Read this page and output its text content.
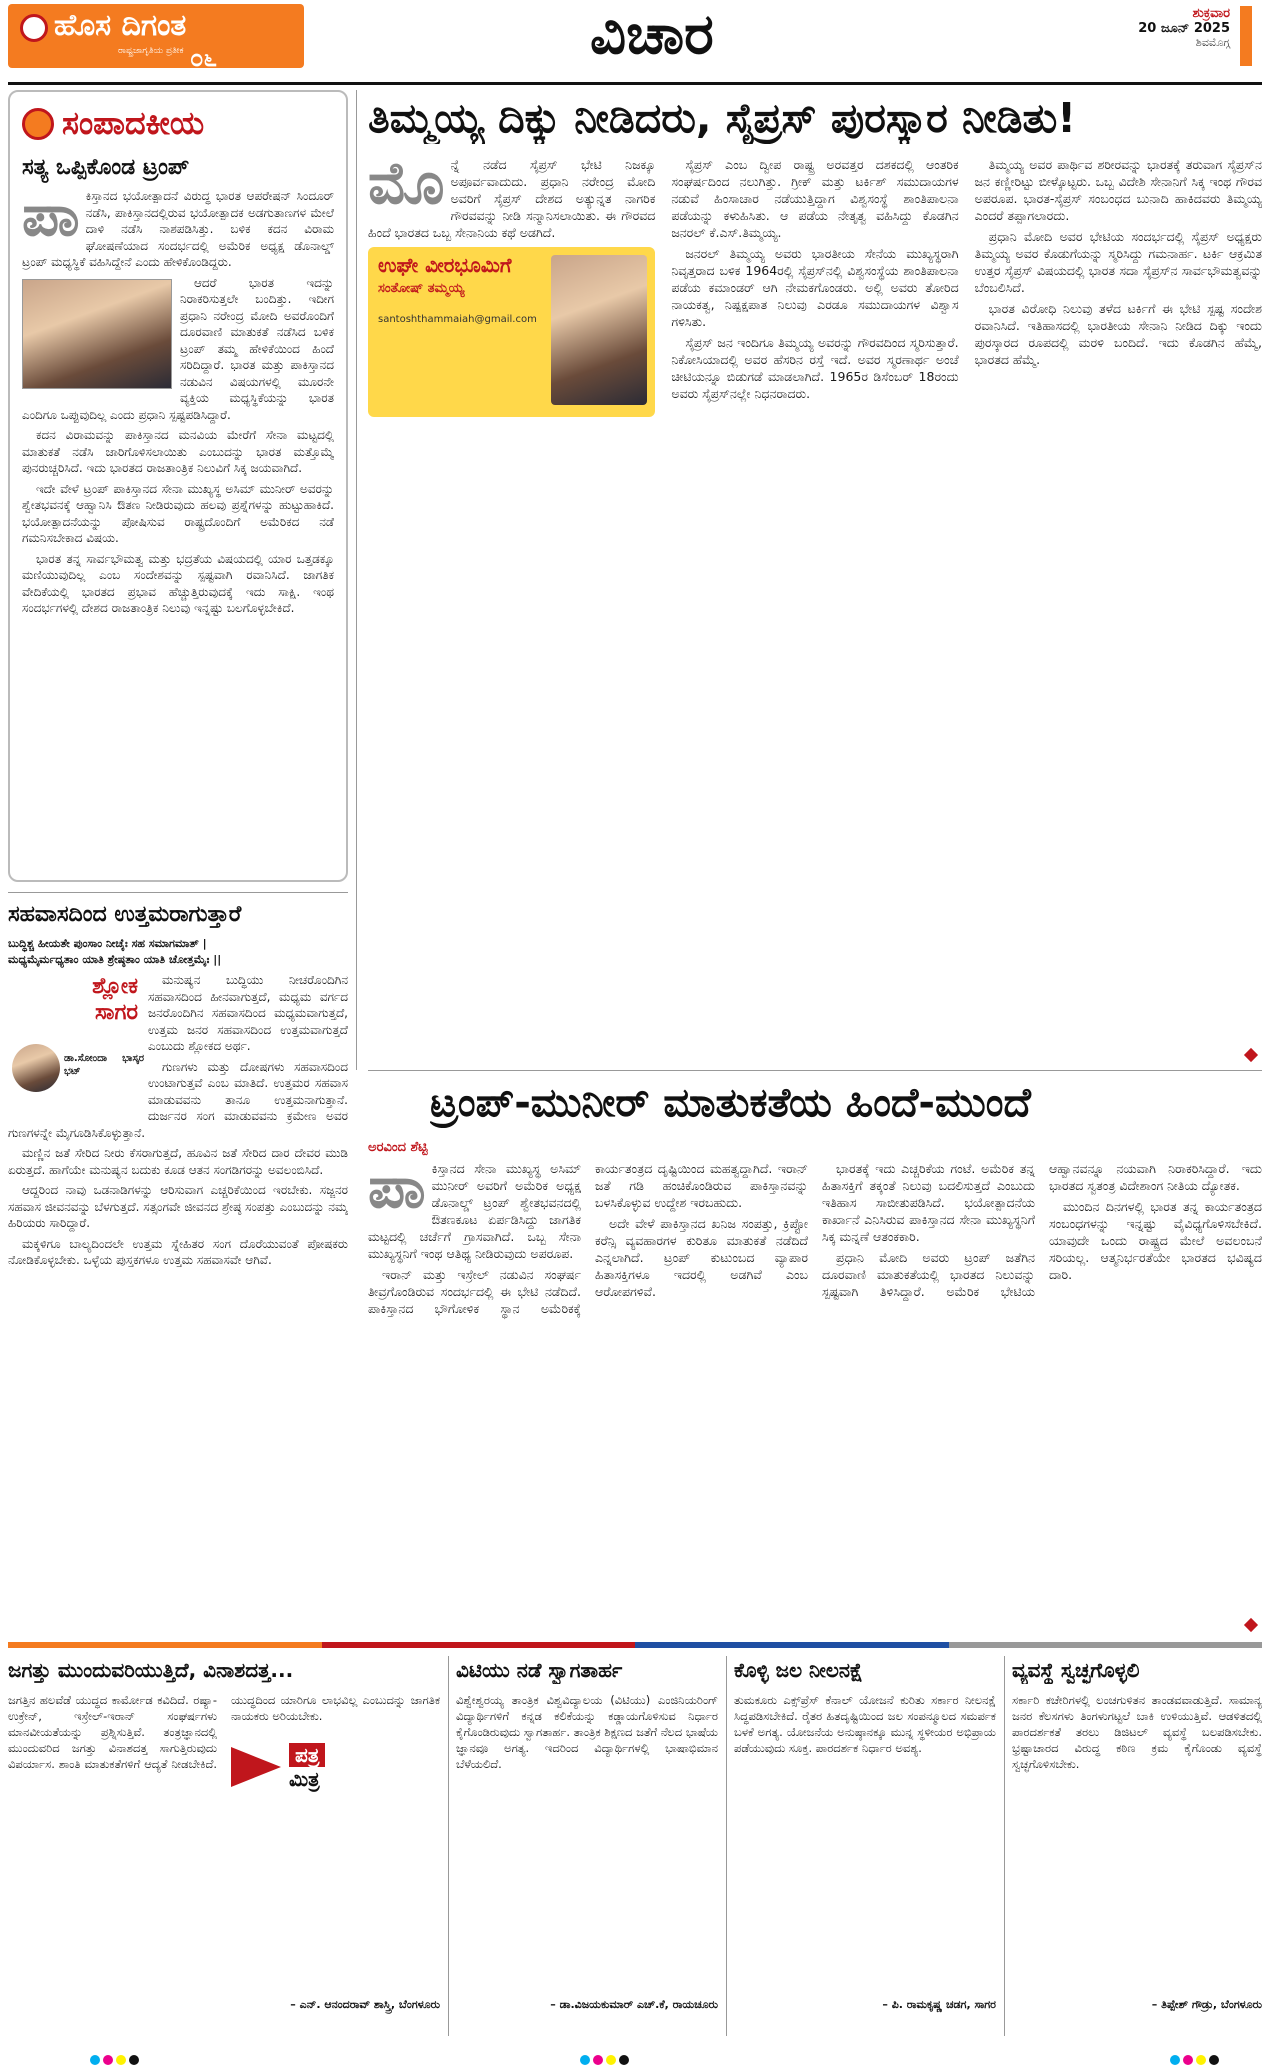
ಹೊಸ ದಿಗಂತ
ರಾಷ್ಟ್ರಜಾಗೃತಿಯ ಪ್ರತೀಕ ೦೬	ವಿಚಾರ	ಶುಕ್ರವಾರ
20 ಜೂನ್ 2025
ಶಿವಮೊಗ್ಗ
ಸಂಪಾದಕೀಯ
ಸತ್ಯ ಒಪ್ಪಿಕೊಂಡ ಟ್ರಂಪ್
ಪಾ ಕಿಸ್ತಾನದ ಭಯೋತ್ಪಾದನೆ ವಿರುದ್ಧ ಭಾರತ ಆಪರೇಷನ್ ಸಿಂದೂರ್ ನಡೆಸಿ, ಪಾಕಿಸ್ತಾನದಲ್ಲಿರುವ ಭಯೋತ್ಪಾದಕ ಅಡಗುತಾಣಗಳ ಮೇಲೆ ದಾಳಿ ನಡೆಸಿ ನಾಶಪಡಿಸಿತ್ತು. ಬಳಿಕ ಕದನ ವಿರಾಮ ಘೋಷಣೆಯಾದ ಸಂದರ್ಭದಲ್ಲಿ ಅಮೆರಿಕ ಅಧ್ಯಕ್ಷ ಡೊನಾಲ್ಡ್ ಟ್ರಂಪ್ ಮಧ್ಯಸ್ಥಿಕೆ ವಹಿಸಿದ್ದೇನೆ ಎಂದು ಹೇಳಿಕೊಂಡಿದ್ದರು.

ಆದರೆ ಭಾರತ ಇದನ್ನು ನಿರಾಕರಿಸುತ್ತಲೇ ಬಂದಿತ್ತು. ಇದೀಗ ಪ್ರಧಾನಿ ನರೇಂದ್ರ ಮೋದಿ ಅವರೊಂದಿಗೆ ದೂರವಾಣಿ ಮಾತುಕತೆ ನಡೆಸಿದ ಬಳಿಕ ಟ್ರಂಪ್ ತಮ್ಮ ಹೇಳಿಕೆಯಿಂದ ಹಿಂದೆ ಸರಿದಿದ್ದಾರೆ. ಭಾರತ ಮತ್ತು ಪಾಕಿಸ್ತಾನದ ನಡುವಿನ ವಿಷಯಗಳಲ್ಲಿ ಮೂರನೇ ವ್ಯಕ್ತಿಯ ಮಧ್ಯಸ್ಥಿಕೆಯನ್ನು ಭಾರತ ಎಂದಿಗೂ ಒಪ್ಪುವುದಿಲ್ಲ ಎಂದು ಪ್ರಧಾನಿ ಸ್ಪಷ್ಟಪಡಿಸಿದ್ದಾರೆ.

ಕದನ ವಿರಾಮವನ್ನು ಪಾಕಿಸ್ತಾನದ ಮನವಿಯ ಮೇರೆಗೆ ಸೇನಾ ಮಟ್ಟದಲ್ಲಿ ಮಾತುಕತೆ ನಡೆಸಿ ಜಾರಿಗೊಳಿಸಲಾಯಿತು ಎಂಬುದನ್ನು ಭಾರತ ಮತ್ತೊಮ್ಮೆ ಪುನರುಚ್ಚರಿಸಿದೆ. ಇದು ಭಾರತದ ರಾಜತಾಂತ್ರಿಕ ನಿಲುವಿಗೆ ಸಿಕ್ಕ ಜಯವಾಗಿದೆ.

ಇದೇ ವೇಳೆ ಟ್ರಂಪ್ ಪಾಕಿಸ್ತಾನದ ಸೇನಾ ಮುಖ್ಯಸ್ಥ ಅಸಿಮ್ ಮುನೀರ್ ಅವರನ್ನು ಶ್ವೇತಭವನಕ್ಕೆ ಆಹ್ವಾನಿಸಿ ಔತಣ ನೀಡಿರುವುದು ಹಲವು ಪ್ರಶ್ನೆಗಳನ್ನು ಹುಟ್ಟುಹಾಕಿದೆ. ಭಯೋತ್ಪಾದನೆಯನ್ನು ಪೋಷಿಸುವ ರಾಷ್ಟ್ರದೊಂದಿಗೆ ಅಮೆರಿಕದ ನಡೆ ಗಮನಿಸಬೇಕಾದ ವಿಷಯ.

ಭಾರತ ತನ್ನ ಸಾರ್ವಭೌಮತ್ವ ಮತ್ತು ಭದ್ರತೆಯ ವಿಷಯದಲ್ಲಿ ಯಾರ ಒತ್ತಡಕ್ಕೂ ಮಣಿಯುವುದಿಲ್ಲ ಎಂಬ ಸಂದೇಶವನ್ನು ಸ್ಪಷ್ಟವಾಗಿ ರವಾನಿಸಿದೆ. ಜಾಗತಿಕ ವೇದಿಕೆಯಲ್ಲಿ ಭಾರತದ ಪ್ರಭಾವ ಹೆಚ್ಚುತ್ತಿರುವುದಕ್ಕೆ ಇದು ಸಾಕ್ಷಿ. ಇಂಥ ಸಂದರ್ಭಗಳಲ್ಲಿ ದೇಶದ ರಾಜತಾಂತ್ರಿಕ ನಿಲುವು ಇನ್ನಷ್ಟು ಬಲಗೊಳ್ಳಬೇಕಿದೆ.

ತಿಮ್ಮಯ್ಯ ದಿಕ್ಕು ನೀಡಿದರು, ಸೈಪ್ರಸ್ ಪುರಸ್ಕಾರ ನೀಡಿತು!
ಮೊ ನ್ನೆ ನಡೆದ ಸೈಪ್ರಸ್ ಭೇಟಿ ನಿಜಕ್ಕೂ ಅಪೂರ್ವವಾದುದು. ಪ್ರಧಾನಿ ನರೇಂದ್ರ ಮೋದಿ ಅವರಿಗೆ ಸೈಪ್ರಸ್ ದೇಶದ ಅತ್ಯುನ್ನತ ನಾಗರಿಕ ಗೌರವವನ್ನು ನೀಡಿ ಸನ್ಮಾನಿಸಲಾಯಿತು. ಈ ಗೌರವದ ಹಿಂದೆ ಭಾರತದ ಒಬ್ಬ ಸೇನಾನಿಯ ಕಥೆ ಅಡಗಿದೆ.

ಉಘೇ ವೀರಭೂಮಿಗೆ
ಸಂತೋಷ್ ತಮ್ಮಯ್ಯ
santoshthammaiah@gmail.com

ಸೈಪ್ರಸ್ ಎಂಬ ದ್ವೀಪ ರಾಷ್ಟ್ರ ಅರವತ್ತರ ದಶಕದಲ್ಲಿ ಆಂತರಿಕ ಸಂಘರ್ಷದಿಂದ ನಲುಗಿತ್ತು. ಗ್ರೀಕ್ ಮತ್ತು ಟರ್ಕಿಶ್ ಸಮುದಾಯಗಳ ನಡುವೆ ಹಿಂಸಾಚಾರ ನಡೆಯುತ್ತಿದ್ದಾಗ ವಿಶ್ವಸಂಸ್ಥೆ ಶಾಂತಿಪಾಲನಾ ಪಡೆಯನ್ನು ಕಳುಹಿಸಿತು. ಆ ಪಡೆಯ ನೇತೃತ್ವ ವಹಿಸಿದ್ದು ಕೊಡಗಿನ ಜನರಲ್ ಕೆ.ಎಸ್.ತಿಮ್ಮಯ್ಯ.

ಜನರಲ್ ತಿಮ್ಮಯ್ಯ ಅವರು ಭಾರತೀಯ ಸೇನೆಯ ಮುಖ್ಯಸ್ಥರಾಗಿ ನಿವೃತ್ತರಾದ ಬಳಿಕ 1964ರಲ್ಲಿ ಸೈಪ್ರಸ್‌ನಲ್ಲಿ ವಿಶ್ವಸಂಸ್ಥೆಯ ಶಾಂತಿಪಾಲನಾ ಪಡೆಯ ಕಮಾಂಡರ್ ಆಗಿ ನೇಮಕಗೊಂಡರು. ಅಲ್ಲಿ ಅವರು ತೋರಿದ ನಾಯಕತ್ವ, ನಿಷ್ಪಕ್ಷಪಾತ ನಿಲುವು ಎರಡೂ ಸಮುದಾಯಗಳ ವಿಶ್ವಾಸ ಗಳಿಸಿತು.

ಸೈಪ್ರಸ್ ಜನ ಇಂದಿಗೂ ತಿಮ್ಮಯ್ಯ ಅವರನ್ನು ಗೌರವದಿಂದ ಸ್ಮರಿಸುತ್ತಾರೆ. ನಿಕೋಸಿಯಾದಲ್ಲಿ ಅವರ ಹೆಸರಿನ ರಸ್ತೆ ಇದೆ. ಅವರ ಸ್ಮರಣಾರ್ಥ ಅಂಚೆ ಚೀಟಿಯನ್ನೂ ಬಿಡುಗಡೆ ಮಾಡಲಾಗಿದೆ. 1965ರ ಡಿಸೆಂಬರ್ 18ರಂದು ಅವರು ಸೈಪ್ರಸ್‌ನಲ್ಲೇ ನಿಧನರಾದರು.

ತಿಮ್ಮಯ್ಯ ಅವರ ಪಾರ್ಥಿವ ಶರೀರವನ್ನು ಭಾರತಕ್ಕೆ ತರುವಾಗ ಸೈಪ್ರಸ್‌ನ ಜನ ಕಣ್ಣೀರಿಟ್ಟು ಬೀಳ್ಕೊಟ್ಟರು. ಒಬ್ಬ ವಿದೇಶಿ ಸೇನಾನಿಗೆ ಸಿಕ್ಕ ಇಂಥ ಗೌರವ ಅಪರೂಪ. ಭಾರತ-ಸೈಪ್ರಸ್ ಸಂಬಂಧದ ಬುನಾದಿ ಹಾಕಿದವರು ತಿಮ್ಮಯ್ಯ ಎಂದರೆ ತಪ್ಪಾಗಲಾರದು.

ಪ್ರಧಾನಿ ಮೋದಿ ಅವರ ಭೇಟಿಯ ಸಂದರ್ಭದಲ್ಲಿ ಸೈಪ್ರಸ್ ಅಧ್ಯಕ್ಷರು ತಿಮ್ಮಯ್ಯ ಅವರ ಕೊಡುಗೆಯನ್ನು ಸ್ಮರಿಸಿದ್ದು ಗಮನಾರ್ಹ. ಟರ್ಕಿ ಆಕ್ರಮಿತ ಉತ್ತರ ಸೈಪ್ರಸ್ ವಿಷಯದಲ್ಲಿ ಭಾರತ ಸದಾ ಸೈಪ್ರಸ್‌ನ ಸಾರ್ವಭೌಮತ್ವವನ್ನು ಬೆಂಬಲಿಸಿದೆ.

ಭಾರತ ವಿರೋಧಿ ನಿಲುವು ತಳೆದ ಟರ್ಕಿಗೆ ಈ ಭೇಟಿ ಸ್ಪಷ್ಟ ಸಂದೇಶ ರವಾನಿಸಿದೆ. ಇತಿಹಾಸದಲ್ಲಿ ಭಾರತೀಯ ಸೇನಾನಿ ನೀಡಿದ ದಿಕ್ಕು ಇಂದು ಪುರಸ್ಕಾರದ ರೂಪದಲ್ಲಿ ಮರಳಿ ಬಂದಿದೆ. ಇದು ಕೊಡಗಿನ ಹೆಮ್ಮೆ, ಭಾರತದ ಹೆಮ್ಮೆ.

ಸಹವಾಸದಿಂದ ಉತ್ತಮರಾಗುತ್ತಾರೆ
ಬುದ್ಧಿಶ್ಚ ಹೀಯತೇ ಪುಂಸಾಂ ನೀಚೈಃ ಸಹ ಸಮಾಗಮಾತ್ |
ಮಧ್ಯಮೈರ್ಮಧ್ಯತಾಂ ಯಾತಿ ಶ್ರೇಷ್ಠತಾಂ ಯಾತಿ ಚೋತ್ತಮೈಃ ||
ಶ್ಲೋಕ ಸಾಗರ
ಡಾ.ಸೋಂದಾ ಭಾಸ್ಕರ ಭಟ್

ಮನುಷ್ಯನ ಬುದ್ಧಿಯು ನೀಚರೊಂದಿಗಿನ ಸಹವಾಸದಿಂದ ಹೀನವಾಗುತ್ತದೆ, ಮಧ್ಯಮ ವರ್ಗದ ಜನರೊಂದಿಗಿನ ಸಹವಾಸದಿಂದ ಮಧ್ಯಮವಾಗುತ್ತದೆ, ಉತ್ತಮ ಜನರ ಸಹವಾಸದಿಂದ ಉತ್ತಮವಾಗುತ್ತದೆ ಎಂಬುದು ಶ್ಲೋಕದ ಅರ್ಥ.

ಗುಣಗಳು ಮತ್ತು ದೋಷಗಳು ಸಹವಾಸದಿಂದ ಉಂಟಾಗುತ್ತವೆ ಎಂಬ ಮಾತಿದೆ. ಉತ್ತಮರ ಸಹವಾಸ ಮಾಡುವವನು ತಾನೂ ಉತ್ತಮನಾಗುತ್ತಾನೆ. ದುರ್ಜನರ ಸಂಗ ಮಾಡುವವನು ಕ್ರಮೇಣ ಅವರ ಗುಣಗಳನ್ನೇ ಮೈಗೂಡಿಸಿಕೊಳ್ಳುತ್ತಾನೆ.

ಮಣ್ಣಿನ ಜತೆ ಸೇರಿದ ನೀರು ಕೆಸರಾಗುತ್ತದೆ, ಹೂವಿನ ಜತೆ ಸೇರಿದ ದಾರ ದೇವರ ಮುಡಿ ಏರುತ್ತದೆ. ಹಾಗೆಯೇ ಮನುಷ್ಯನ ಬದುಕು ಕೂಡ ಆತನ ಸಂಗಡಿಗರನ್ನು ಅವಲಂಬಿಸಿದೆ.

ಆದ್ದರಿಂದ ನಾವು ಒಡನಾಡಿಗಳನ್ನು ಆರಿಸುವಾಗ ಎಚ್ಚರಿಕೆಯಿಂದ ಇರಬೇಕು. ಸಜ್ಜನರ ಸಹವಾಸ ಜೀವನವನ್ನು ಬೆಳಗುತ್ತದೆ. ಸತ್ಸಂಗವೇ ಜೀವನದ ಶ್ರೇಷ್ಠ ಸಂಪತ್ತು ಎಂಬುದನ್ನು ನಮ್ಮ ಹಿರಿಯರು ಸಾರಿದ್ದಾರೆ.

ಮಕ್ಕಳಿಗೂ ಬಾಲ್ಯದಿಂದಲೇ ಉತ್ತಮ ಸ್ನೇಹಿತರ ಸಂಗ ದೊರೆಯುವಂತೆ ಪೋಷಕರು ನೋಡಿಕೊಳ್ಳಬೇಕು. ಒಳ್ಳೆಯ ಪುಸ್ತಕಗಳೂ ಉತ್ತಮ ಸಹವಾಸವೇ ಆಗಿವೆ.

ಟ್ರಂಪ್-ಮುನೀರ್ ಮಾತುಕತೆಯ ಹಿಂದೆ-ಮುಂದೆ
ಅರವಿಂದ ಶೆಟ್ಟಿ
ಪಾ ಕಿಸ್ತಾನದ ಸೇನಾ ಮುಖ್ಯಸ್ಥ ಅಸಿಮ್ ಮುನೀರ್ ಅವರಿಗೆ ಅಮೆರಿಕ ಅಧ್ಯಕ್ಷ ಡೊನಾಲ್ಡ್ ಟ್ರಂಪ್ ಶ್ವೇತಭವನದಲ್ಲಿ ಔತಣಕೂಟ ಏರ್ಪಡಿಸಿದ್ದು ಜಾಗತಿಕ ಮಟ್ಟದಲ್ಲಿ ಚರ್ಚೆಗೆ ಗ್ರಾಸವಾಗಿದೆ. ಒಬ್ಬ ಸೇನಾ ಮುಖ್ಯಸ್ಥನಿಗೆ ಇಂಥ ಆತಿಥ್ಯ ನೀಡಿರುವುದು ಅಪರೂಪ.

ಇರಾನ್ ಮತ್ತು ಇಸ್ರೇಲ್ ನಡುವಿನ ಸಂಘರ್ಷ ತೀವ್ರಗೊಂಡಿರುವ ಸಂದರ್ಭದಲ್ಲಿ ಈ ಭೇಟಿ ನಡೆದಿದೆ. ಪಾಕಿಸ್ತಾನದ ಭೌಗೋಳಿಕ ಸ್ಥಾನ ಅಮೆರಿಕಕ್ಕೆ ಕಾರ್ಯತಂತ್ರದ ದೃಷ್ಟಿಯಿಂದ ಮಹತ್ವದ್ದಾಗಿದೆ. ಇರಾನ್ ಜತೆ ಗಡಿ ಹಂಚಿಕೊಂಡಿರುವ ಪಾಕಿಸ್ತಾನವನ್ನು ಬಳಸಿಕೊಳ್ಳುವ ಉದ್ದೇಶ ಇರಬಹುದು.

ಅದೇ ವೇಳೆ ಪಾಕಿಸ್ತಾನದ ಖನಿಜ ಸಂಪತ್ತು, ಕ್ರಿಪ್ಟೋ ಕರೆನ್ಸಿ ವ್ಯವಹಾರಗಳ ಕುರಿತೂ ಮಾತುಕತೆ ನಡೆದಿದೆ ಎನ್ನಲಾಗಿದೆ. ಟ್ರಂಪ್ ಕುಟುಂಬದ ವ್ಯಾಪಾರ ಹಿತಾಸಕ್ತಿಗಳೂ ಇದರಲ್ಲಿ ಅಡಗಿವೆ ಎಂಬ ಆರೋಪಗಳಿವೆ.

ಭಾರತಕ್ಕೆ ಇದು ಎಚ್ಚರಿಕೆಯ ಗಂಟೆ. ಅಮೆರಿಕ ತನ್ನ ಹಿತಾಸಕ್ತಿಗೆ ತಕ್ಕಂತೆ ನಿಲುವು ಬದಲಿಸುತ್ತದೆ ಎಂಬುದು ಇತಿಹಾಸ ಸಾಬೀತುಪಡಿಸಿದೆ. ಭಯೋತ್ಪಾದನೆಯ ಕಾರ್ಖಾನೆ ಎನಿಸಿರುವ ಪಾಕಿಸ್ತಾನದ ಸೇನಾ ಮುಖ್ಯಸ್ಥನಿಗೆ ಸಿಕ್ಕ ಮನ್ನಣೆ ಆತಂಕಕಾರಿ.

ಪ್ರಧಾನಿ ಮೋದಿ ಅವರು ಟ್ರಂಪ್ ಜತೆಗಿನ ದೂರವಾಣಿ ಮಾತುಕತೆಯಲ್ಲಿ ಭಾರತದ ನಿಲುವನ್ನು ಸ್ಪಷ್ಟವಾಗಿ ತಿಳಿಸಿದ್ದಾರೆ. ಅಮೆರಿಕ ಭೇಟಿಯ ಆಹ್ವಾನವನ್ನೂ ನಯವಾಗಿ ನಿರಾಕರಿಸಿದ್ದಾರೆ. ಇದು ಭಾರತದ ಸ್ವತಂತ್ರ ವಿದೇಶಾಂಗ ನೀತಿಯ ದ್ಯೋತಕ.

ಮುಂದಿನ ದಿನಗಳಲ್ಲಿ ಭಾರತ ತನ್ನ ಕಾರ್ಯತಂತ್ರದ ಸಂಬಂಧಗಳನ್ನು ಇನ್ನಷ್ಟು ವೈವಿಧ್ಯಗೊಳಿಸಬೇಕಿದೆ. ಯಾವುದೇ ಒಂದು ರಾಷ್ಟ್ರದ ಮೇಲೆ ಅವಲಂಬನೆ ಸರಿಯಲ್ಲ. ಆತ್ಮನಿರ್ಭರತೆಯೇ ಭಾರತದ ಭವಿಷ್ಯದ ದಾರಿ.

ಜಗತ್ತು ಮುಂದುವರಿಯುತ್ತಿದೆ, ವಿನಾಶದತ್ತ...
ಜಗತ್ತಿನ ಹಲವೆಡೆ ಯುದ್ಧದ ಕಾರ್ಮೋಡ ಕವಿದಿದೆ. ರಷ್ಯಾ-ಉಕ್ರೇನ್, ಇಸ್ರೇಲ್-ಇರಾನ್ ಸಂಘರ್ಷಗಳು ಮಾನವೀಯತೆಯನ್ನು ಪ್ರಶ್ನಿಸುತ್ತಿವೆ. ತಂತ್ರಜ್ಞಾನದಲ್ಲಿ ಮುಂದುವರಿದ ಜಗತ್ತು ವಿನಾಶದತ್ತ ಸಾಗುತ್ತಿರುವುದು ವಿಪರ್ಯಾಸ. ಶಾಂತಿ ಮಾತುಕತೆಗಳಿಗೆ ಆದ್ಯತೆ ನೀಡಬೇಕಿದೆ. ಯುದ್ಧದಿಂದ ಯಾರಿಗೂ ಲಾಭವಿಲ್ಲ ಎಂಬುದನ್ನು ಜಾಗತಿಕ ನಾಯಕರು ಅರಿಯಬೇಕು.
ಪತ್ರ
ಮಿತ್ರ
– ಎನ್. ಆನಂದರಾವ್ ಶಾಸ್ತ್ರಿ, ಬೆಂಗಳೂರು
ವಿಟಿಯು ನಡೆ ಸ್ವಾಗತಾರ್ಹ
ವಿಶ್ವೇಶ್ವರಯ್ಯ ತಾಂತ್ರಿಕ ವಿಶ್ವವಿದ್ಯಾಲಯ (ವಿಟಿಯು) ಎಂಜಿನಿಯರಿಂಗ್ ವಿದ್ಯಾರ್ಥಿಗಳಿಗೆ ಕನ್ನಡ ಕಲಿಕೆಯನ್ನು ಕಡ್ಡಾಯಗೊಳಿಸುವ ನಿರ್ಧಾರ ಕೈಗೊಂಡಿರುವುದು ಸ್ವಾಗತಾರ್ಹ. ತಾಂತ್ರಿಕ ಶಿಕ್ಷಣದ ಜತೆಗೆ ನೆಲದ ಭಾಷೆಯ ಜ್ಞಾನವೂ ಅಗತ್ಯ. ಇದರಿಂದ ವಿದ್ಯಾರ್ಥಿಗಳಲ್ಲಿ ಭಾಷಾಭಿಮಾನ ಬೆಳೆಯಲಿದೆ.
– ಡಾ.ವಿಜಯಕುಮಾರ್ ಎಚ್.ಕೆ, ರಾಯಚೂರು
ಕೊಳ್ಳಿ ಜಲ ನೀಲನಕ್ಷೆ
ತುಮಕೂರು ಎಕ್ಸ್‌ಪ್ರೆಸ್ ಕೆನಾಲ್ ಯೋಜನೆ ಕುರಿತು ಸರ್ಕಾರ ನೀಲನಕ್ಷೆ ಸಿದ್ಧಪಡಿಸಬೇಕಿದೆ. ರೈತರ ಹಿತದೃಷ್ಟಿಯಿಂದ ಜಲ ಸಂಪನ್ಮೂಲದ ಸಮರ್ಪಕ ಬಳಕೆ ಅಗತ್ಯ. ಯೋಜನೆಯ ಅನುಷ್ಠಾನಕ್ಕೂ ಮುನ್ನ ಸ್ಥಳೀಯರ ಅಭಿಪ್ರಾಯ ಪಡೆಯುವುದು ಸೂಕ್ತ. ಪಾರದರ್ಶಕ ನಿರ್ಧಾರ ಅವಶ್ಯ.
– ಪಿ. ರಾಮಕೃಷ್ಣ ಚಡಗ, ಸಾಗರ
ವ್ಯವಸ್ಥೆ ಸ್ವಚ್ಛಗೊಳ್ಳಲಿ
ಸರ್ಕಾರಿ ಕಚೇರಿಗಳಲ್ಲಿ ಲಂಚಗುಳಿತನ ತಾಂಡವವಾಡುತ್ತಿದೆ. ಸಾಮಾನ್ಯ ಜನರ ಕೆಲಸಗಳು ತಿಂಗಳುಗಟ್ಟಲೆ ಬಾಕಿ ಉಳಿಯುತ್ತಿವೆ. ಆಡಳಿತದಲ್ಲಿ ಪಾರದರ್ಶಕತೆ ತರಲು ಡಿಜಿಟಲ್ ವ್ಯವಸ್ಥೆ ಬಲಪಡಿಸಬೇಕು. ಭ್ರಷ್ಟಾಚಾರದ ವಿರುದ್ಧ ಕಠಿಣ ಕ್ರಮ ಕೈಗೊಂಡು ವ್ಯವಸ್ಥೆ ಸ್ವಚ್ಛಗೊಳಿಸಬೇಕು.
– ತಿಪ್ಪೇಶ್ ಗೌಡ್ರು, ಬೆಂಗಳೂರು
